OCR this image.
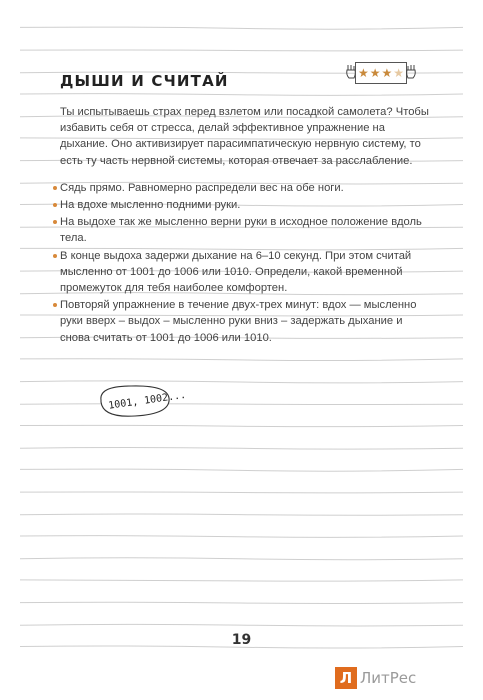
ДЫШИ И СЧИТАЙ	★ ★ ★ ★

Ты испытываешь страх перед взлетом или посадкой самолета? Чтобы избавить себя от стресса, делай эффективное упражнение на дыхание. Оно активизирует парасимпатическую нервную систему, то есть ту часть нервной системы, которая отвечает за расслабление.

Сядь прямо. Равномерно распредели вес на обе ноги.
На вдохе мысленно подними руки.
На выдохе так же мысленно верни руки в исходное положение вдоль тела.
В конце выдоха задержи дыхание на 6–10 секунд. При этом считай мысленно от 1001 до 1006 или 1010. Определи, какой временной промежуток для тебя наиболее комфортен.
Повторяй упражнение в течение двух-трех минут: вдох — мысленно руки вверх – выдох – мысленно руки вниз – задержать дыхание и снова считать от 1001 до 1006 или 1010.
1001, 1002...
19
Л ЛитРес
